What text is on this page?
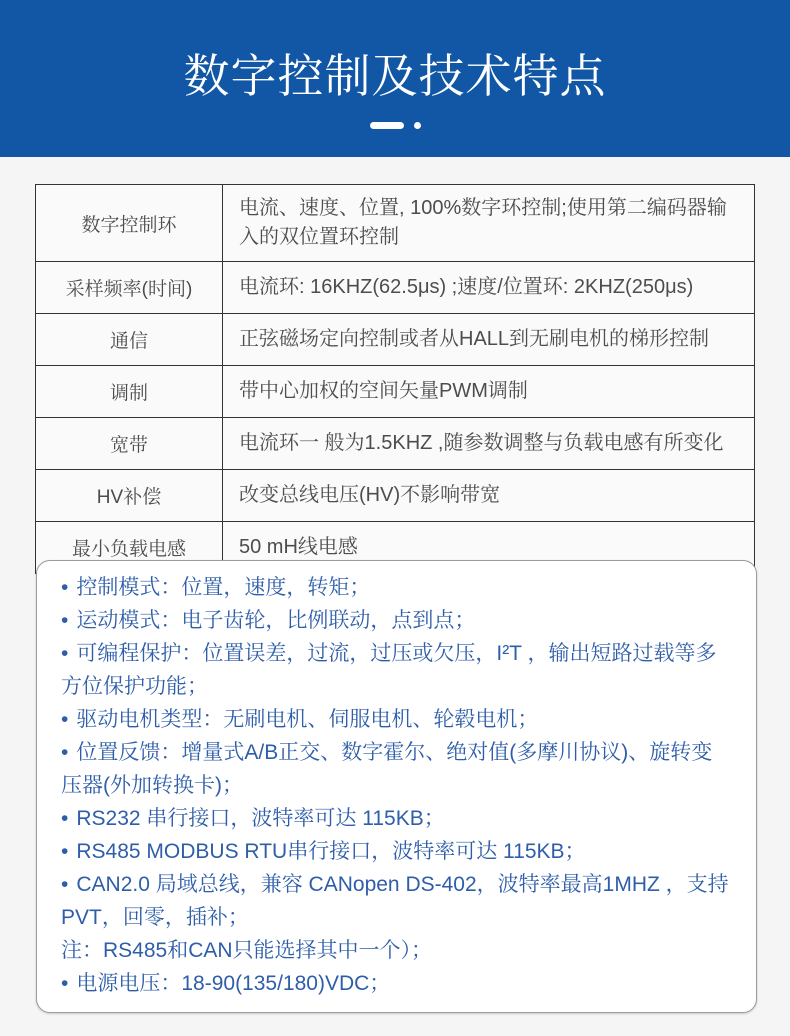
数字控制及技术特点
数字控制环	电流、速度、位置, 100%数字环控制;使用第二编码器输入的双位置环控制
采样频率(时间)	电流环: 16KHZ(62.5μs) ;速度/位置环: 2KHZ(250μs)
通信	正弦磁场定向控制或者从HALL到无刷电机的梯形控制
调制	带中心加权的空间矢量PWM调制
宽带	电流环一 般为1.5KHZ ,随参数调整与负载电感有所变化
HV补偿	改变总线电压(HV)不影响带宽
最小负载电感	50 mH线电感
• 控制模式：位置，速度，转矩；
• 运动模式：电子齿轮，比例联动，点到点；
• 可编程保护：位置误差，过流，过压或欠压，I²T ，输出短路过载等多方位保护功能；
• 驱动电机类型：无刷电机、伺服电机、轮毂电机；
• 位置反馈：增量式A/B正交、数字霍尔、绝对值(多摩川协议)、旋转变压器(外加转换卡)；
• RS232 串行接口，波特率可达 115KB；
• RS485 MODBUS RTU串行接口，波特率可达 115KB；
• CAN2.0 局域总线，兼容 CANopen DS-402，波特率最高1MHZ ，支持PVT，回零，插补；
注：RS485和CAN只能选择其中一个）；
• 电源电压：18-90(135/180)VDC；
